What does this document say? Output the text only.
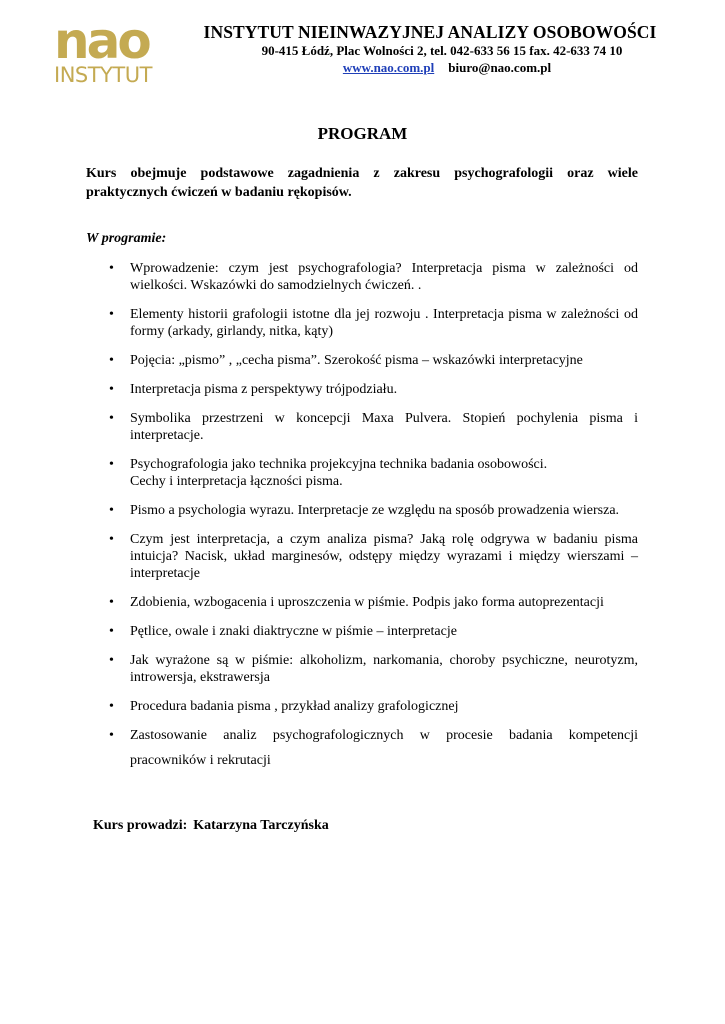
nao
INSTYTUT
INSTYTUT NIEINWAZYJNEJ ANALIZY OSOBOWOŚCI
90-415 Łódź, Plac Wolności 2, tel. 042-633 56 15 fax. 42-633 74 10
www.nao.com.pl biuro@nao.com.pl
PROGRAM
Kurs obejmuje podstawowe zagadnienia z zakresu psychografologii oraz wiele praktycznych ćwiczeń w badaniu rękopisów.
W programie:
• Wprowadzenie: czym jest psychografologia? Interpretacja pisma w zależności od wielkości. Wskazówki do samodzielnych ćwiczeń. .
• Elementy historii grafologii istotne dla jej rozwoju . Interpretacja pisma w zależności od formy (arkady, girlandy, nitka, kąty)
• Pojęcia: „pismo” , „cecha pisma”. Szerokość pisma – wskazówki interpretacyjne
• Interpretacja pisma z perspektywy trójpodziału.
• Symbolika przestrzeni w koncepcji Maxa Pulvera. Stopień pochylenia pisma i interpretacje.
• Psychografologia jako technika projekcyjna technika badania osobowości.
Cechy i interpretacja łączności pisma.
• Pismo a psychologia wyrazu. Interpretacje ze względu na sposób prowadzenia wiersza.
• Czym jest interpretacja, a czym analiza pisma? Jaką rolę odgrywa w badaniu pisma intuicja? Nacisk, układ marginesów, odstępy między wyrazami i między wierszami – interpretacje
• Zdobienia, wzbogacenia i uproszczenia w piśmie. Podpis jako forma autoprezentacji
• Pętlice, owale i znaki diaktryczne w piśmie – interpretacje
• Jak wyrażone są w piśmie: alkoholizm, narkomania, choroby psychiczne, neurotyzm, introwersja, ekstrawersja
• Procedura badania pisma , przykład analizy grafologicznej
• Zastosowanie analiz psychografologicznych w procesie badania kompetencji pracowników i rekrutacji
Kurs prowadzi: Katarzyna Tarczyńska
